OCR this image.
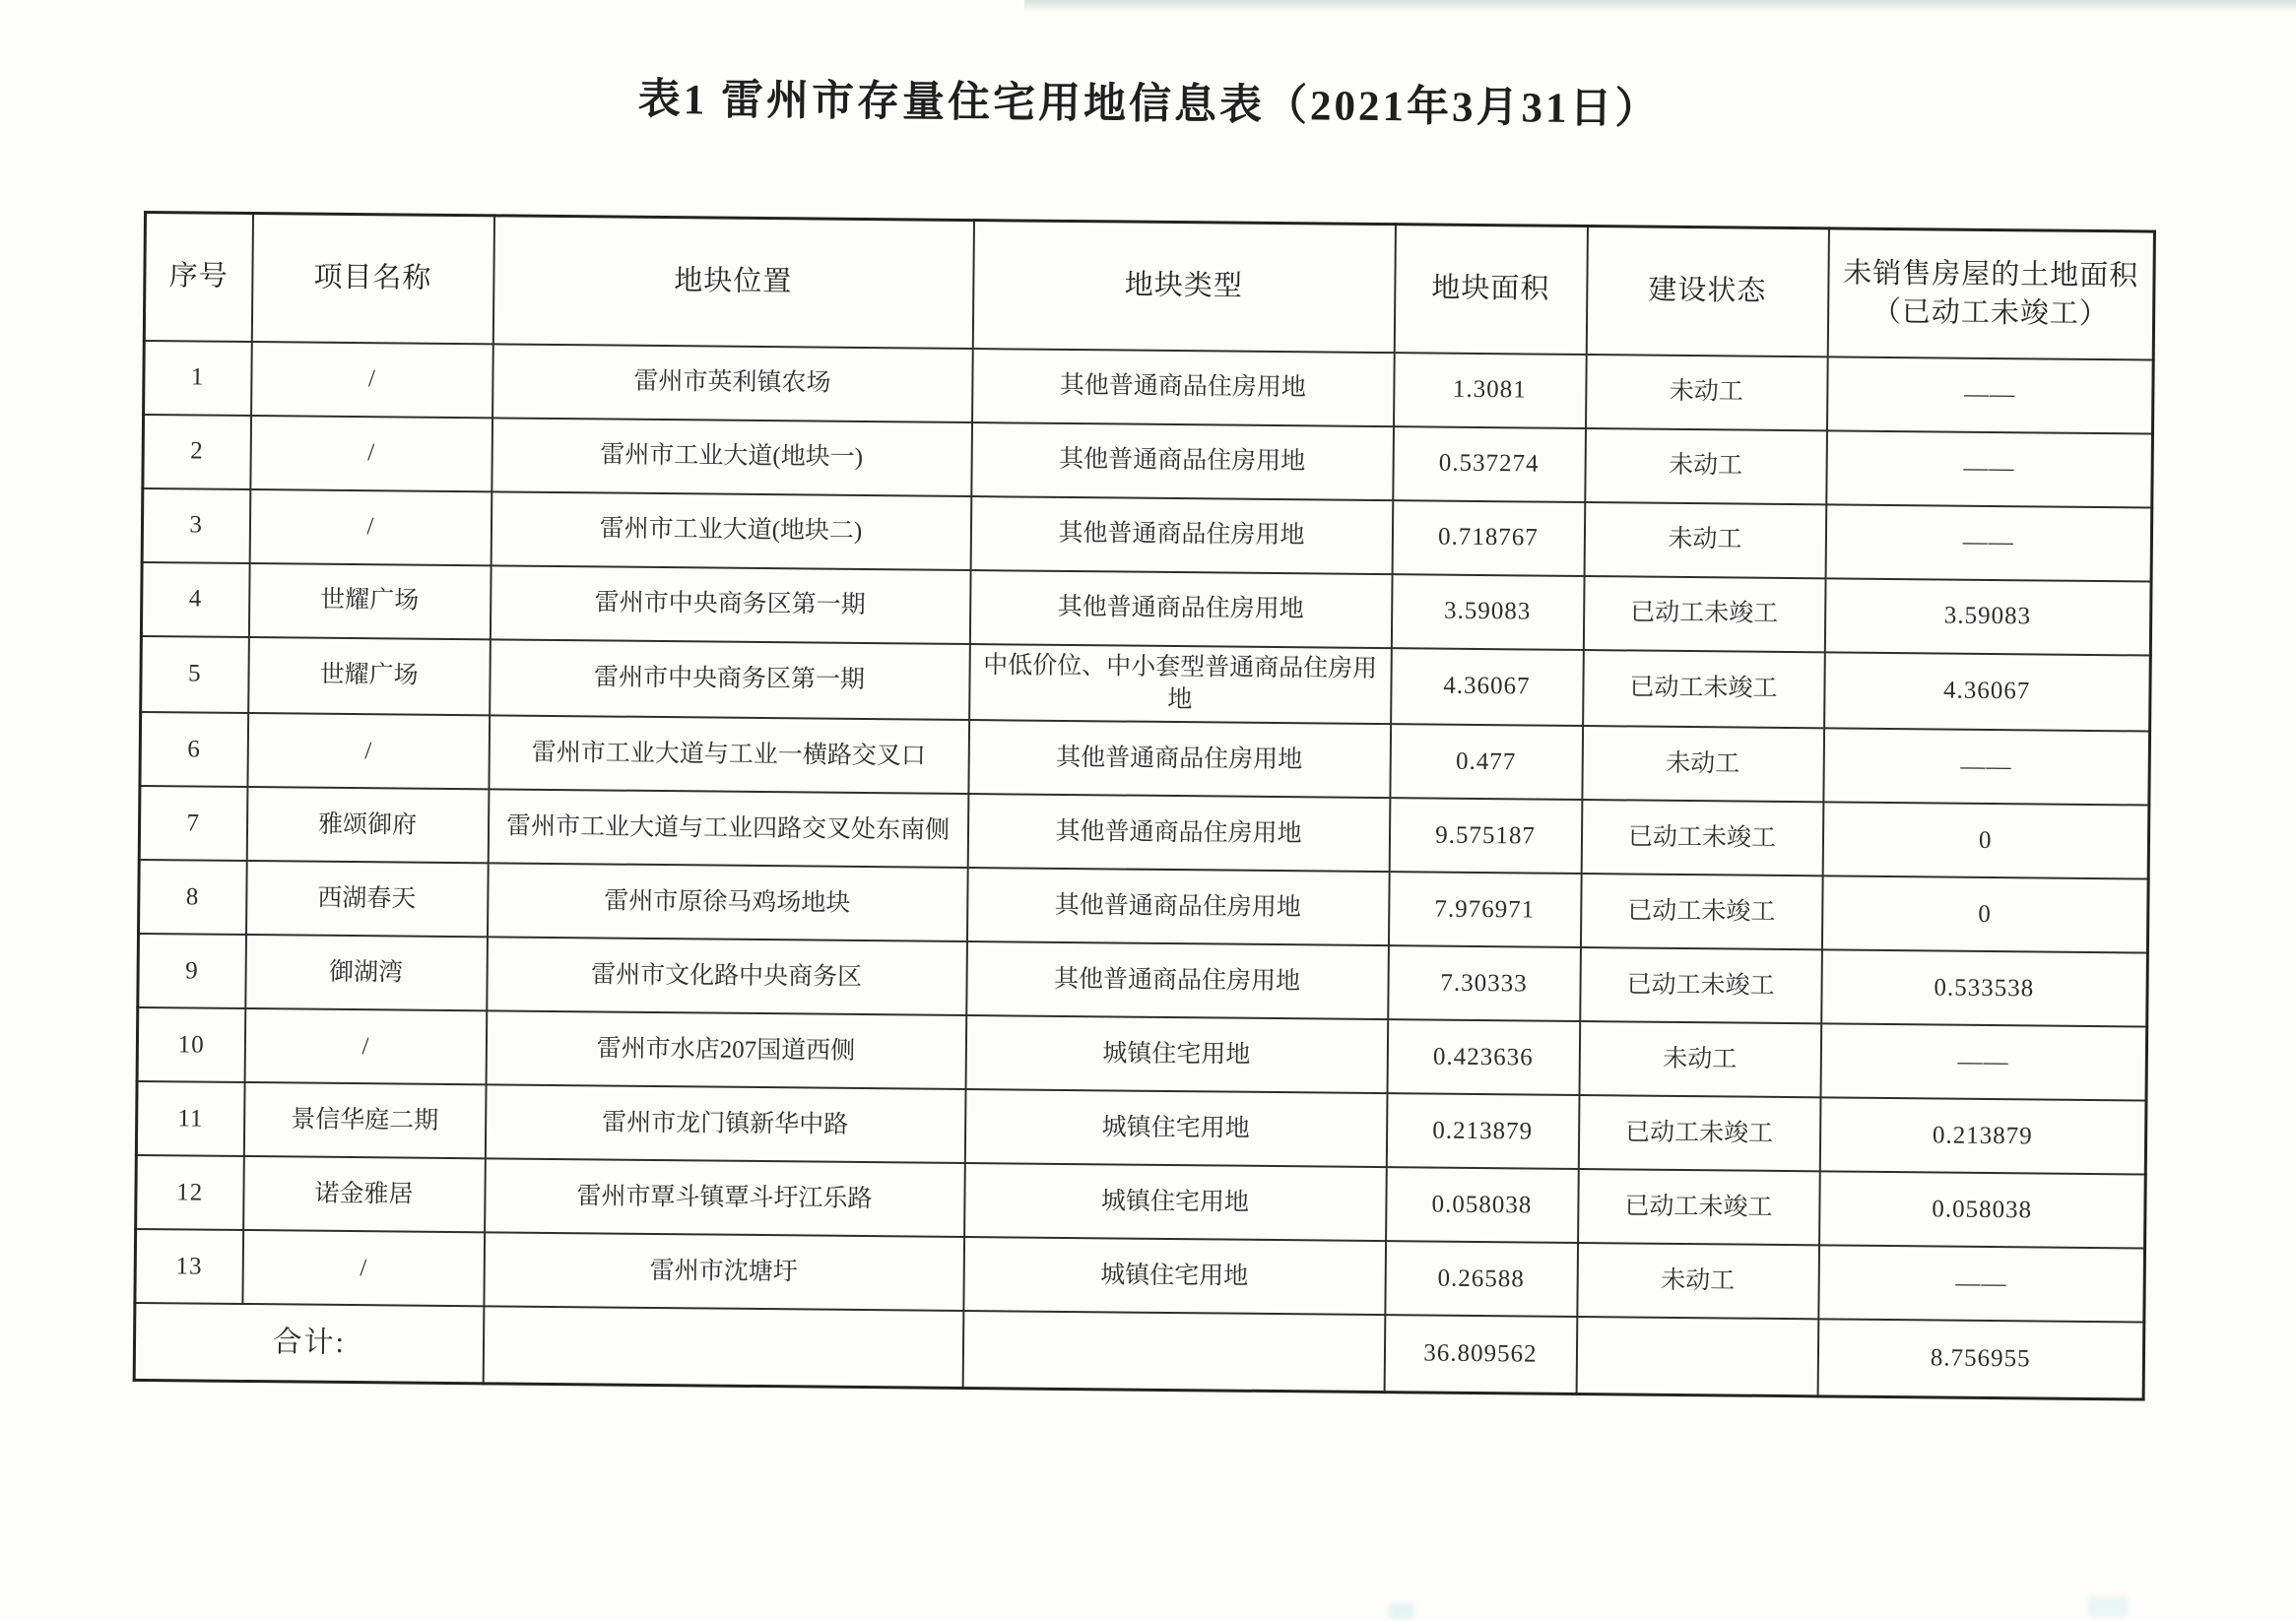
表1 雷州市存量住宅用地信息表（2021年3月31日）
序号	项目名称	地块位置	地块类型	地块面积	建设状态	未销售房屋的土地面积
（已动工未竣工）
1	/	雷州市英利镇农场	其他普通商品住房用地	1.3081	未动工	——
2	/	雷州市工业大道(地块一)	其他普通商品住房用地	0.537274	未动工	——
3	/	雷州市工业大道(地块二)	其他普通商品住房用地	0.718767	未动工	——
4	世耀广场	雷州市中央商务区第一期	其他普通商品住房用地	3.59083	已动工未竣工	3.59083
5	世耀广场	雷州市中央商务区第一期	中低价位、中小套型普通商品住房用地	4.36067	已动工未竣工	4.36067
6	/	雷州市工业大道与工业一横路交叉口	其他普通商品住房用地	0.477	未动工	——
7	雅颂御府	雷州市工业大道与工业四路交叉处东南侧	其他普通商品住房用地	9.575187	已动工未竣工	0
8	西湖春天	雷州市原徐马鸡场地块	其他普通商品住房用地	7.976971	已动工未竣工	0
9	御湖湾	雷州市文化路中央商务区	其他普通商品住房用地	7.30333	已动工未竣工	0.533538
10	/	雷州市水店207国道西侧	城镇住宅用地	0.423636	未动工	——
11	景信华庭二期	雷州市龙门镇新华中路	城镇住宅用地	0.213879	已动工未竣工	0.213879
12	诺金雅居	雷州市覃斗镇覃斗圩江乐路	城镇住宅用地	0.058038	已动工未竣工	0.058038
13	/	雷州市沈塘圩	城镇住宅用地	0.26588	未动工	——
合计:				36.809562		8.756955
